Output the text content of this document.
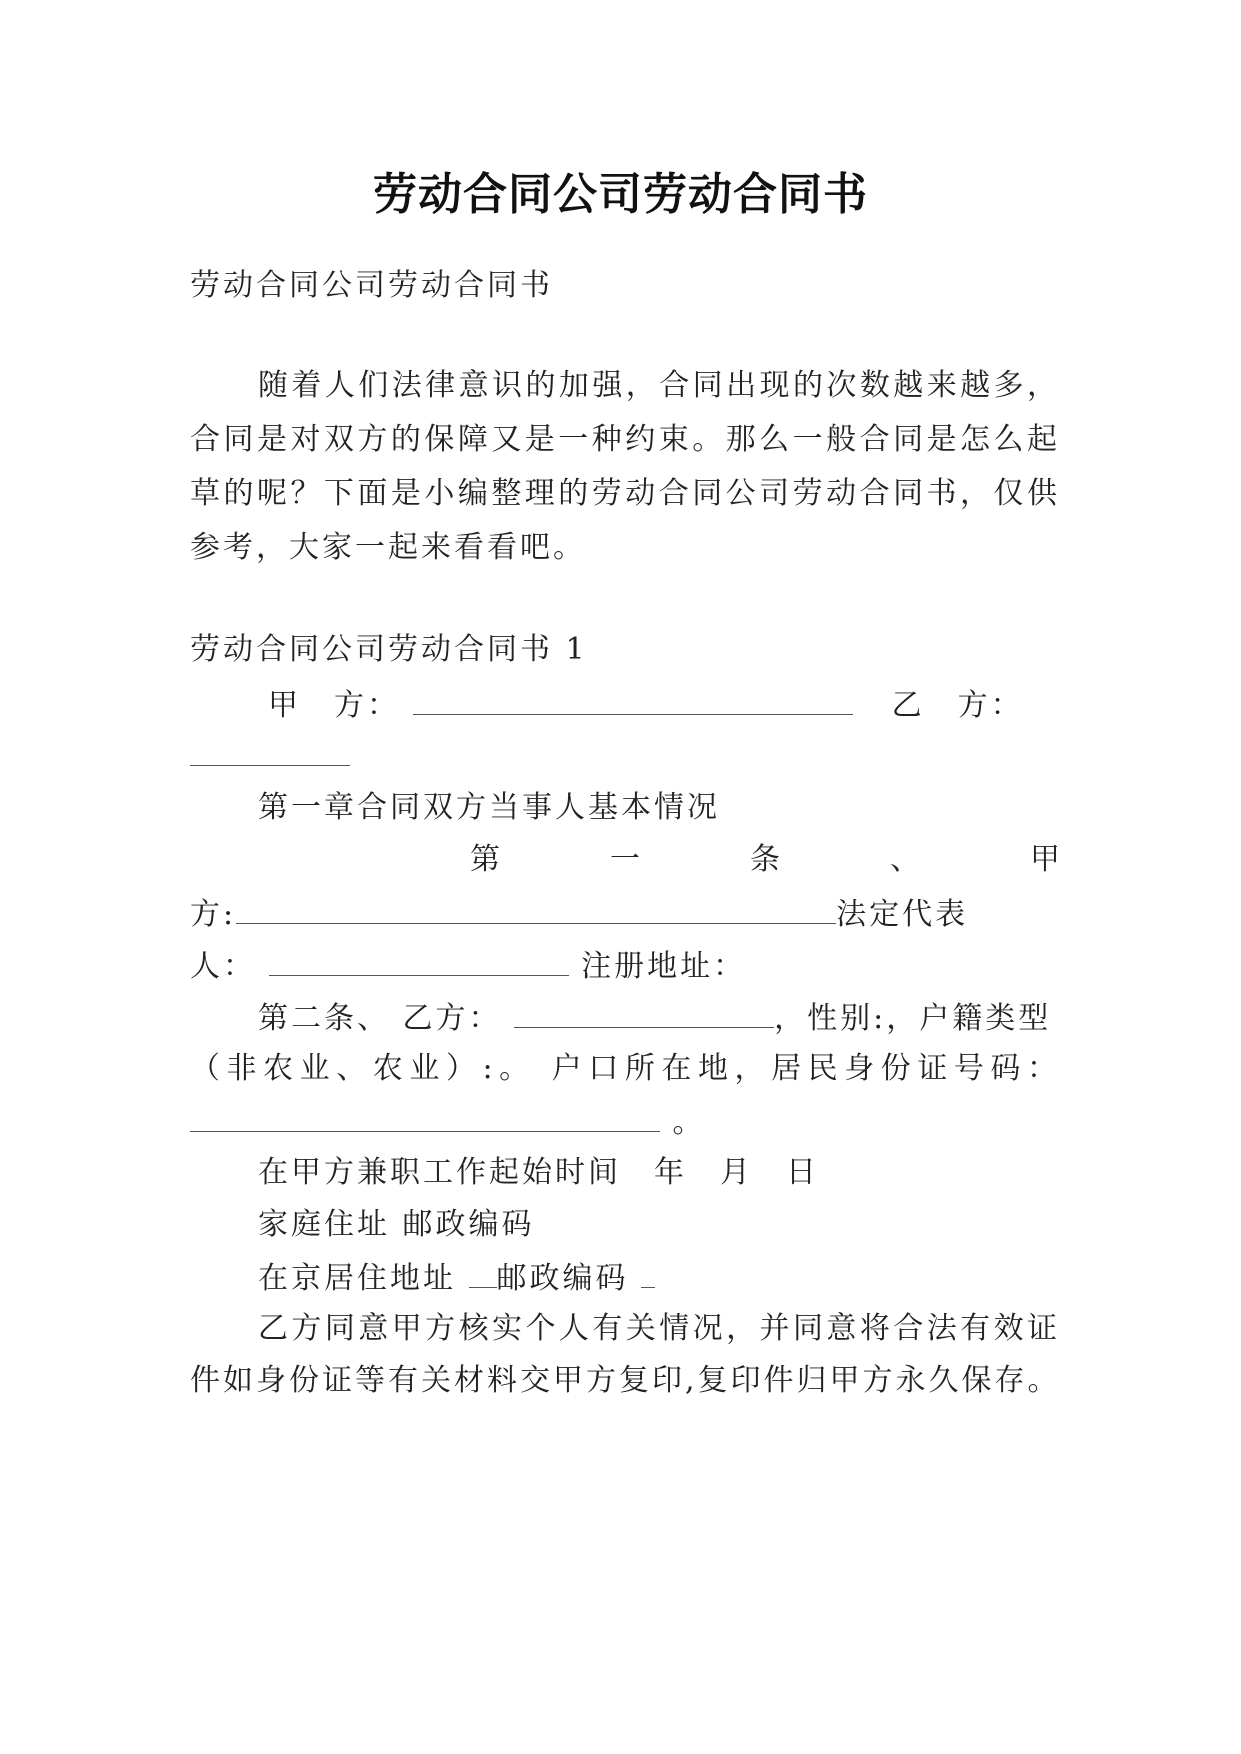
劳动合同公司劳动合同书
劳动合同公司劳动合同书
随着人们法律意识的加强，合同出现的次数越来越多，
合同是对双方的保障又是一种约束。那么一般合同是怎么起
草的呢？下面是小编整理的劳动合同公司劳动合同书，仅供
参考，大家一起来看看吧。
劳动合同公司劳动合同书 1
甲　方：	乙　方：
第一章合同双方当事人基本情况
第	一	条	、	甲
方:	法定代表
人：	注册地址：
第二条、 乙方：	，性别:，户籍类型
（非农业、农业）:。 户口所在地，居民身份证号码：
。
在甲方兼职工作起始时间　年　月　日
家庭住址 邮政编码
在京居住地址 邮政编码
乙方同意甲方核实个人有关情况，并同意将合法有效证
件如身份证等有关材料交甲方复印,复印件归甲方永久保存。
